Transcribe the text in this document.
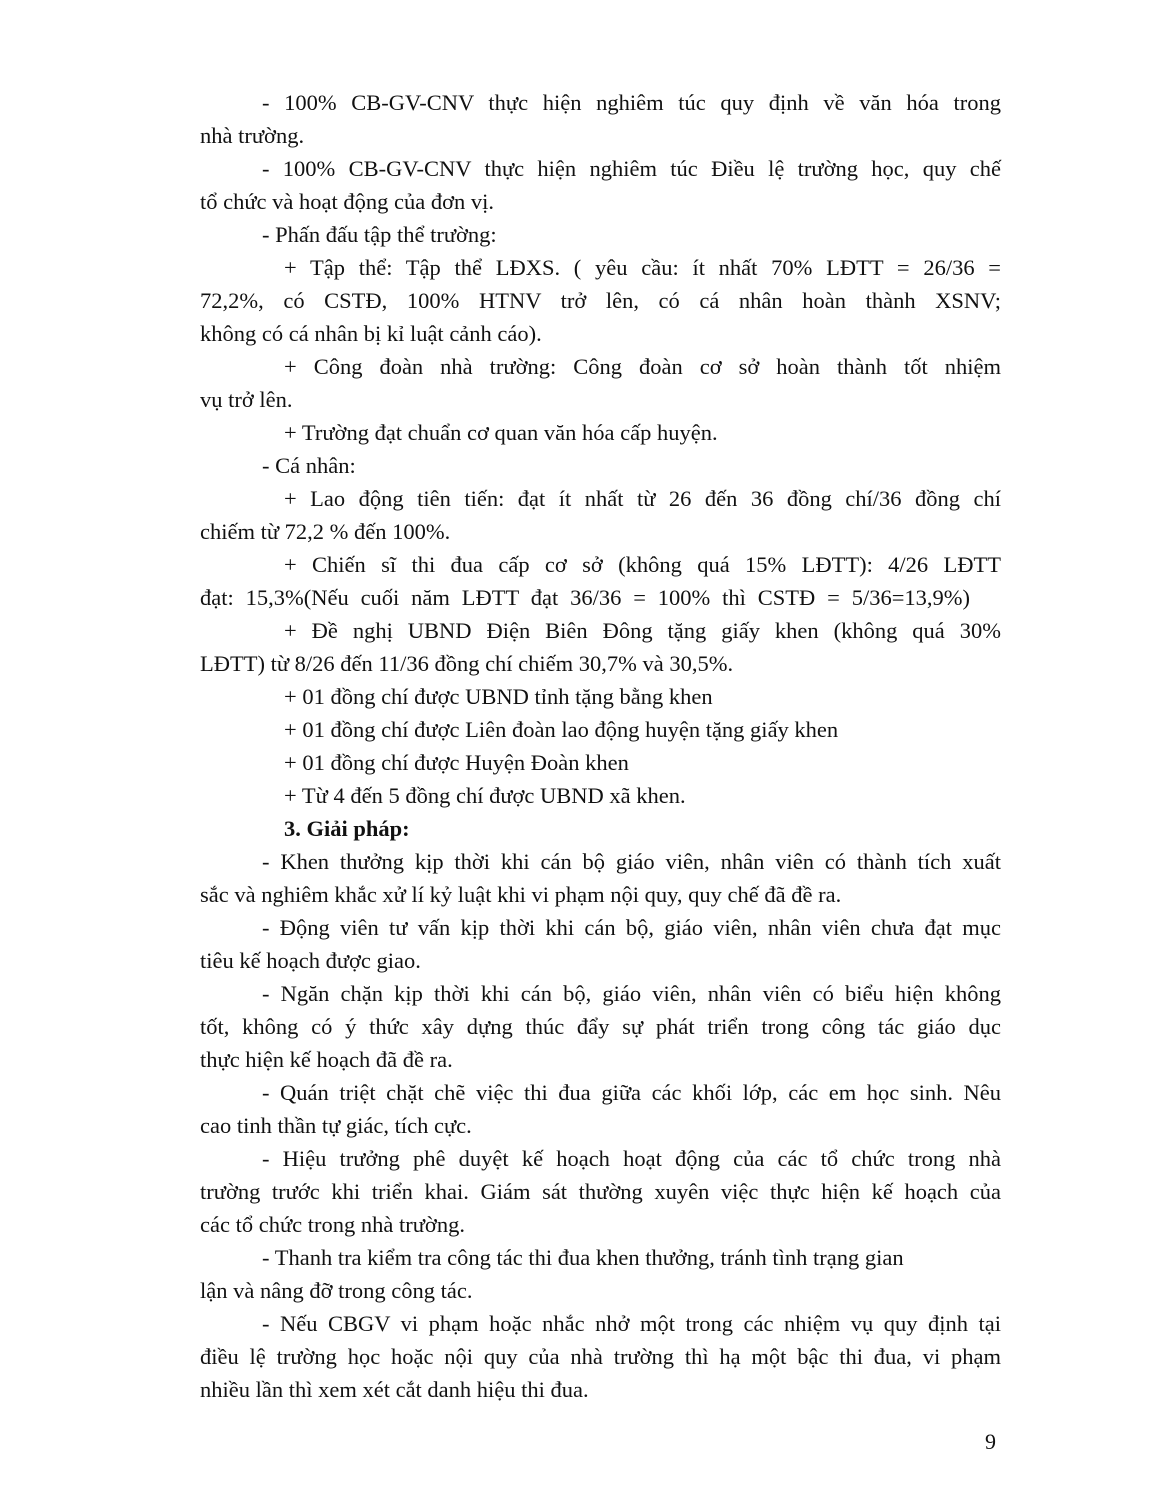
- 100% CB-GV-CNV thực hiện nghiêm túc quy định về văn hóa trong
nhà trường.
- 100% CB-GV-CNV thực hiện nghiêm túc Điều lệ trường học, quy chế
tổ chức và hoạt động của đơn vị.
- Phấn đấu tập thể trường:
+ Tập thể: Tập thể LĐXS. ( yêu cầu: ít nhất 70% LĐTT = 26/36 =
72,2%, có CSTĐ, 100% HTNV trở lên, có cá nhân hoàn thành XSNV;
không có cá nhân bị kỉ luật cảnh cáo).
+ Công đoàn nhà trường: Công đoàn cơ sở hoàn thành tốt nhiệm
vụ trở lên.
+ Trường đạt chuẩn cơ quan văn hóa cấp huyện.
- Cá nhân:
+ Lao động tiên tiến: đạt ít nhất từ 26 đến 36 đồng chí/36 đồng chí
chiếm từ 72,2 % đến 100%.
+ Chiến sĩ thi đua cấp cơ sở (không quá 15% LĐTT): 4/26 LĐTT
đạt: 15,3%(Nếu cuối năm LĐTT đạt 36/36 = 100% thì CSTĐ = 5/36=13,9%)
+ Đề nghị UBND Điện Biên Đông tặng giấy khen (không quá 30%
LĐTT) từ 8/26 đến 11/36 đồng chí chiếm 30,7% và 30,5%.
+ 01 đồng chí được UBND tỉnh tặng bằng khen
+ 01 đồng chí được Liên đoàn lao động huyện tặng giấy khen
+ 01 đồng chí được Huyện Đoàn khen
+ Từ 4 đến 5 đồng chí được UBND xã khen.
3. Giải pháp:
- Khen thưởng kịp thời khi cán bộ giáo viên, nhân viên có thành tích xuất
sắc và nghiêm khắc xử lí kỷ luật khi vi phạm nội quy, quy chế đã đề ra.
- Động viên tư vấn kịp thời khi cán bộ, giáo viên, nhân viên chưa đạt mục
tiêu kế hoạch được giao.
- Ngăn chặn kịp thời khi cán bộ, giáo viên, nhân viên có biểu hiện không
tốt, không có ý thức xây dựng thúc đẩy sự phát triển trong công tác giáo dục
thực hiện kế hoạch đã đề ra.
- Quán triệt chặt chẽ việc thi đua giữa các khối lớp, các em học sinh. Nêu
cao tinh thần tự giác, tích cực.
- Hiệu trưởng phê duyệt kế hoạch hoạt động của các tổ chức trong nhà
trường trước khi triển khai. Giám sát thường xuyên việc thực hiện kế hoạch của
các tổ chức trong nhà trường.
- Thanh tra kiểm tra công tác thi đua khen thưởng, tránh tình trạng gian
lận và nâng đỡ trong công tác.
- Nếu CBGV vi phạm hoặc nhắc nhở một trong các nhiệm vụ quy định tại
điều lệ trường học hoặc nội quy của nhà trường thì hạ một bậc thi đua, vi phạm
nhiều lần thì xem xét cắt danh hiệu thi đua.
9
